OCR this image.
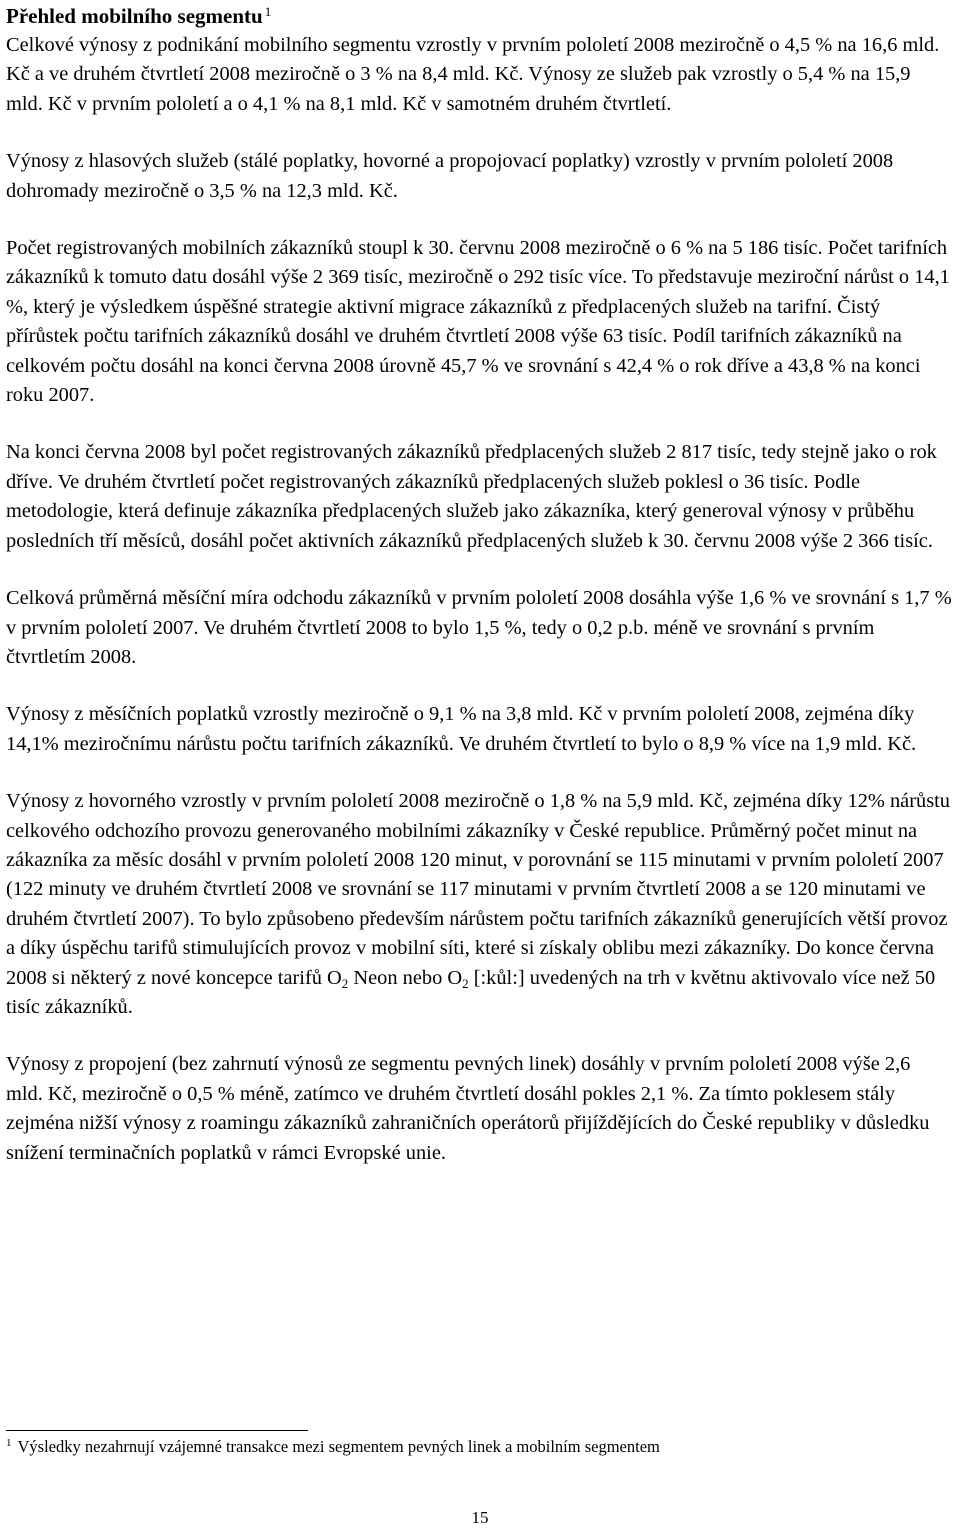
Přehled mobilního segmentu $^1$

Celkové výnosy z podnikání mobilního segmentu vzrostly v prvním pololetí 2008 meziročně o 4,5 % na 16,6 mld. Kč a ve druhém čtvrtletí 2008 meziročně o 3 % na 8,4 mld. Kč. Výnosy ze služeb pak vzrostly o 5,4 % na 15,9 mld. Kč v prvním pololetí a o 4,1 % na 8,1 mld. Kč v samotném druhém čtvrtletí.

Výnosy z hlasových služeb (stálé poplatky, hovorné a propojovací poplatky) vzrostly v prvním pololetí 2008 dohromady meziročně o 3,5 % na 12,3 mld. Kč.

Počet registrovaných mobilních zákazníků stoupl k 30. červnu 2008 meziročně o 6 % na 5 186 tisíc. Počet tarifních zákazníků k tomuto datu dosáhl výše 2 369 tisíc, meziročně o 292 tisíc více. To představuje meziroční nárůst o 14,1 %, který je výsledkem úspěšné strategie aktivní migrace zákazníků z předplacených služeb na tarifní. Čistý přírůstek počtu tarifních zákazníků dosáhl ve druhém čtvrtletí 2008 výše 63 tisíc. Podíl tarifních zákazníků na celkovém počtu dosáhl na konci června 2008 úrovně 45,7 % ve srovnání s 42,4 % o rok dříve a 43,8 % na konci roku 2007.

Na konci června 2008 byl počet registrovaných zákazníků předplacených služeb 2 817 tisíc, tedy stejně jako o rok dříve. Ve druhém čtvrtletí počet registrovaných zákazníků předplacených služeb poklesl o 36 tisíc. Podle metodologie, která definuje zákazníka předplacených služeb jako zákazníka, který generoval výnosy v průběhu posledních tří měsíců, dosáhl počet aktivních zákazníků předplacených služeb k 30. červnu 2008 výše 2 366 tisíc.

Celková průměrná měsíční míra odchodu zákazníků v prvním pololetí 2008 dosáhla výše 1,6 % ve srovnání s 1,7 % v prvním pololetí 2007. Ve druhém čtvrtletí 2008 to bylo 1,5 %, tedy o 0,2 p.b. méně ve srovnání s prvním čtvrtletím 2008.

Výnosy z měsíčních poplatků vzrostly meziročně o 9,1 % na 3,8 mld. Kč v prvním pololetí 2008, zejména díky 14,1% meziročnímu nárůstu počtu tarifních zákazníků. Ve druhém čtvrtletí to bylo o 8,9 % více na 1,9 mld. Kč.

Výnosy z hovorného vzrostly v prvním pololetí 2008 meziročně o 1,8 % na 5,9 mld. Kč, zejména díky 12% nárůstu celkového odchozího provozu generovaného mobilními zákazníky v České republice. Průměrný počet minut na zákazníka za měsíc dosáhl v prvním pololetí 2008 120 minut, v porovnání se 115 minutami v prvním pololetí 2007 (122 minuty ve druhém čtvrtletí 2008 ve srovnání se 117 minutami v prvním čtvrtletí 2008 a se 120 minutami ve druhém čtvrtletí 2007). To bylo způsobeno především nárůstem počtu tarifních zákazníků generujících větší provoz a díky úspěchu tarifů stimulujících provoz v mobilní síti, které si získaly oblibu mezi zákazníky. Do konce června 2008 si některý z nové koncepce tarifů $O_2$ Neon nebo $O_2$ [:kůl:] uvedených na trh v květnu aktivovalo více než 50 tisíc zákazníků.

Výnosy z propojení (bez zahrnutí výnosů ze segmentu pevných linek) dosáhly v prvním pololetí 2008 výše 2,6 mld. Kč, meziročně o 0,5 % méně, zatímco ve druhém čtvrtletí dosáhl pokles 2,1 %. Za tímto poklesem stály zejména nižší výnosy z roamingu zákazníků zahraničních operátorů přijíždějících do České republiky v důsledku snížení terminačních poplatků v rámci Evropské unie.

$^1$ Výsledky nezahrnují vzájemné transakce mezi segmentem pevných linek a mobilním segmentem
15
